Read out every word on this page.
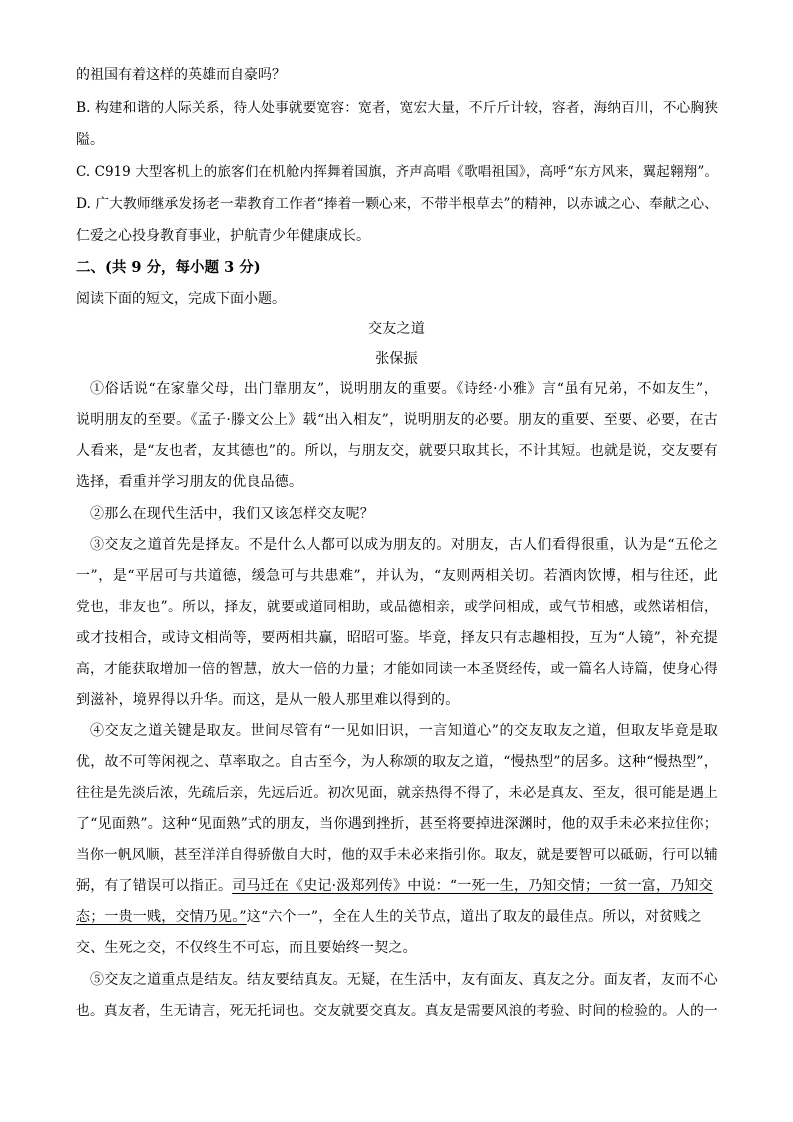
的祖国有着这样的英雄而自豪吗？
B. 构建和谐的人际关系，待人处事就要宽容：宽者，宽宏大量，不斤斤计较，容者，海纳百川，不心胸狭
隘。
C. C919 大型客机上的旅客们在机舱内挥舞着国旗，齐声高唱《歌唱祖国》，高呼“东方风来，翼起翱翔”。
D. 广大教师继承发扬老一辈教育工作者“捧着一颗心来，不带半根草去”的精神，以赤诚之心、奉献之心、
仁爱之心投身教育事业，护航青少年健康成长。
二、(共 9 分，每小题 3 分)
阅读下面的短文，完成下面小题。
交友之道
张保振
①俗话说“在家靠父母，出门靠朋友”，说明朋友的重要。《诗经·小雅》言“虽有兄弟，不如友生”，
说明朋友的至要。《孟子·滕文公上》载“出入相友”，说明朋友的必要。朋友的重要、至要、必要，在古
人看来，是“友也者，友其德也”的。所以，与朋友交，就要只取其长，不计其短。也就是说，交友要有
选择，看重并学习朋友的优良品德。
②那么在现代生活中，我们又该怎样交友呢？
③交友之道首先是择友。不是什么人都可以成为朋友的。对朋友，古人们看得很重，认为是“五伦之
一”，是“平居可与共道德，缓急可与共患难”，并认为，“友则两相关切。若酒肉饮博，相与往还，此
党也，非友也”。所以，择友，就要或道同相助，或品德相亲，或学问相成，或气节相感，或然诺相信，
或才技相合，或诗文相尚等，要两相共赢，昭昭可鉴。毕竟，择友只有志趣相投，互为“人镜”，补充提
高，才能获取增加一倍的智慧，放大一倍的力量；才能如同读一本圣贤经传，或一篇名人诗篇，使身心得
到滋补，境界得以升华。而这，是从一般人那里难以得到的。
④交友之道关键是取友。世间尽管有“一见如旧识，一言知道心”的交友取友之道，但取友毕竟是取
优，故不可等闲视之、草率取之。自古至今，为人称颂的取友之道，“慢热型”的居多。这种“慢热型”，
往往是先淡后浓，先疏后亲，先远后近。初次见面，就亲热得不得了，未必是真友、至友，很可能是遇上
了“见面熟”。这种“见面熟”式的朋友，当你遇到挫折，甚至将要掉进深渊时，他的双手未必来拉住你；
当你一帆风顺，甚至洋洋自得骄傲自大时，他的双手未必来指引你。取友，就是要智可以砥砺，行可以辅
弼，有了错误可以指正。司马迁在《史记·汲郑列传》中说：“一死一生，乃知交情；一贫一富，乃知交
态；一贵一贱，交情乃见。”这“六个一”，全在人生的关节点，道出了取友的最佳点。所以，对贫贱之
交、生死之交，不仅终生不可忘，而且要始终一契之。
⑤交友之道重点是结友。结友要结真友。无疑，在生活中，友有面友、真友之分。面友者，友而不心
也。真友者，生无请言，死无托词也。交友就要交真友。真友是需要风浪的考验、时间的检验的。人的一
